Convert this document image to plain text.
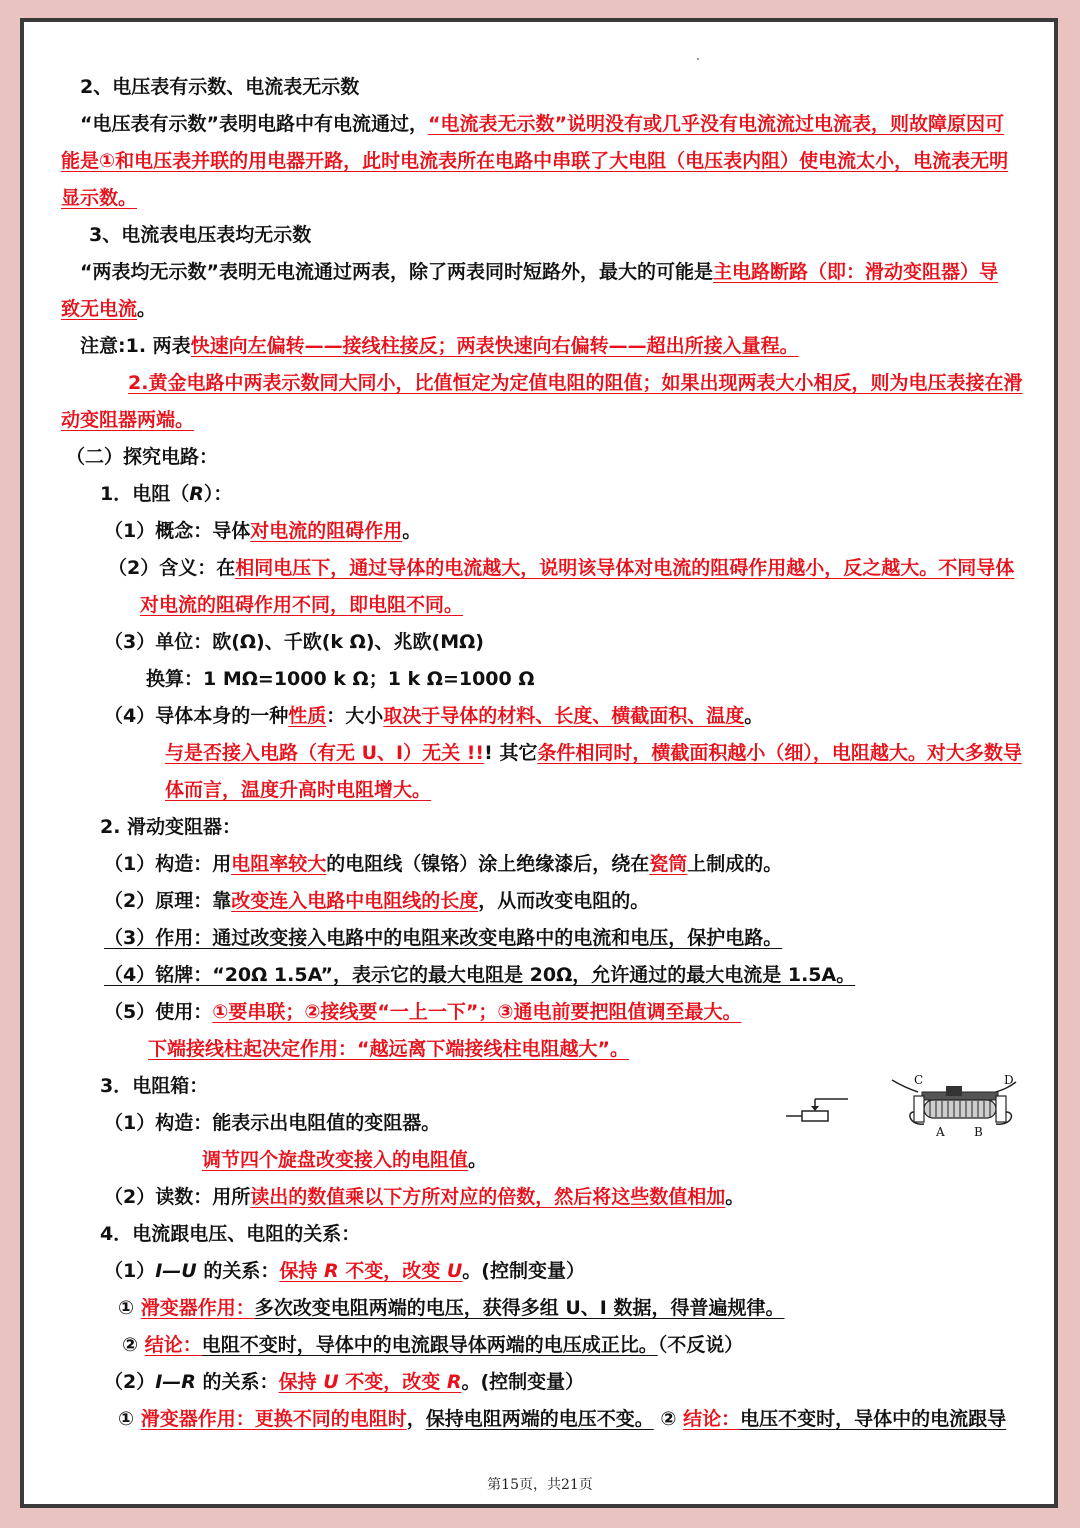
2、电压表有示数、电流表无示数
“电压表有示数”表明电路中有电流通过，“电流表无示数”说明没有或几乎没有电流流过电流表，则故障原因可
能是①和电压表并联的用电器开路，此时电流表所在电路中串联了大电阻（电压表内阻）使电流太小，电流表无明
显示数。
3、电流表电压表均无示数
“两表均无示数”表明无电流通过两表，除了两表同时短路外，最大的可能是主电路断路（即：滑动变阻器）导
致无电流。
注意:1. 两表快速向左偏转——接线柱接反；两表快速向右偏转——超出所接入量程。
2.黄金电路中两表示数同大同小，比值恒定为定值电阻的阻值；如果出现两表大小相反，则为电压表接在滑
动变阻器两端。
（二）探究电路：
1．电阻（R）：
（1）概念：导体对电流的阻碍作用。
（2）含义：在相同电压下，通过导体的电流越大，说明该导体对电流的阻碍作用越小，反之越大。不同导体
对电流的阻碍作用不同，即电阻不同。
（3）单位：欧(Ω)、千欧(k Ω)、兆欧(MΩ)
换算：1 MΩ=1000 k Ω；1 k Ω=1000 Ω
（4）导体本身的一种性质：大小取决于导体的材料、长度、横截面积、温度。
与是否接入电路（有无 U、I）无关 !!! 其它条件相同时，横截面积越小（细），电阻越大。对大多数导
体而言，温度升高时电阻增大。
2. 滑动变阻器：
（1）构造：用电阻率较大的电阻线（镍铬）涂上绝缘漆后，绕在瓷筒上制成的。
（2）原理：靠改变连入电路中电阻线的长度，从而改变电阻的。
（3）作用：通过改变接入电路中的电阻来改变电路中的电流和电压，保护电路。
（4）铭牌：“20Ω 1.5A”，表示它的最大电阻是 20Ω，允许通过的最大电流是 1.5A。
（5）使用：①要串联；②接线要“一上一下”；③通电前要把阻值调至最大。
下端接线柱起决定作用：“越远离下端接线柱电阻越大”。
3．电阻箱：
（1）构造：能表示出电阻值的变阻器。
调节四个旋盘改变接入的电阻值。
（2）读数：用所读出的数值乘以下方所对应的倍数，然后将这些数值相加。
4．电流跟电压、电阻的关系：
（1）I—U 的关系：保持 R 不变，改变 U。(控制变量）
① 滑变器作用：多次改变电阻两端的电压，获得多组 U、I 数据，得普遍规律。
② 结论：电阻不变时，导体中的电流跟导体两端的电压成正比。（不反说）
（2）I—R 的关系：保持 U 不变，改变 R。(控制变量）
① 滑变器作用：更换不同的电阻时，保持电阻两端的电压不变。 ② 结论：电压不变时，导体中的电流跟导
C	D
A B
第15页，共21页
